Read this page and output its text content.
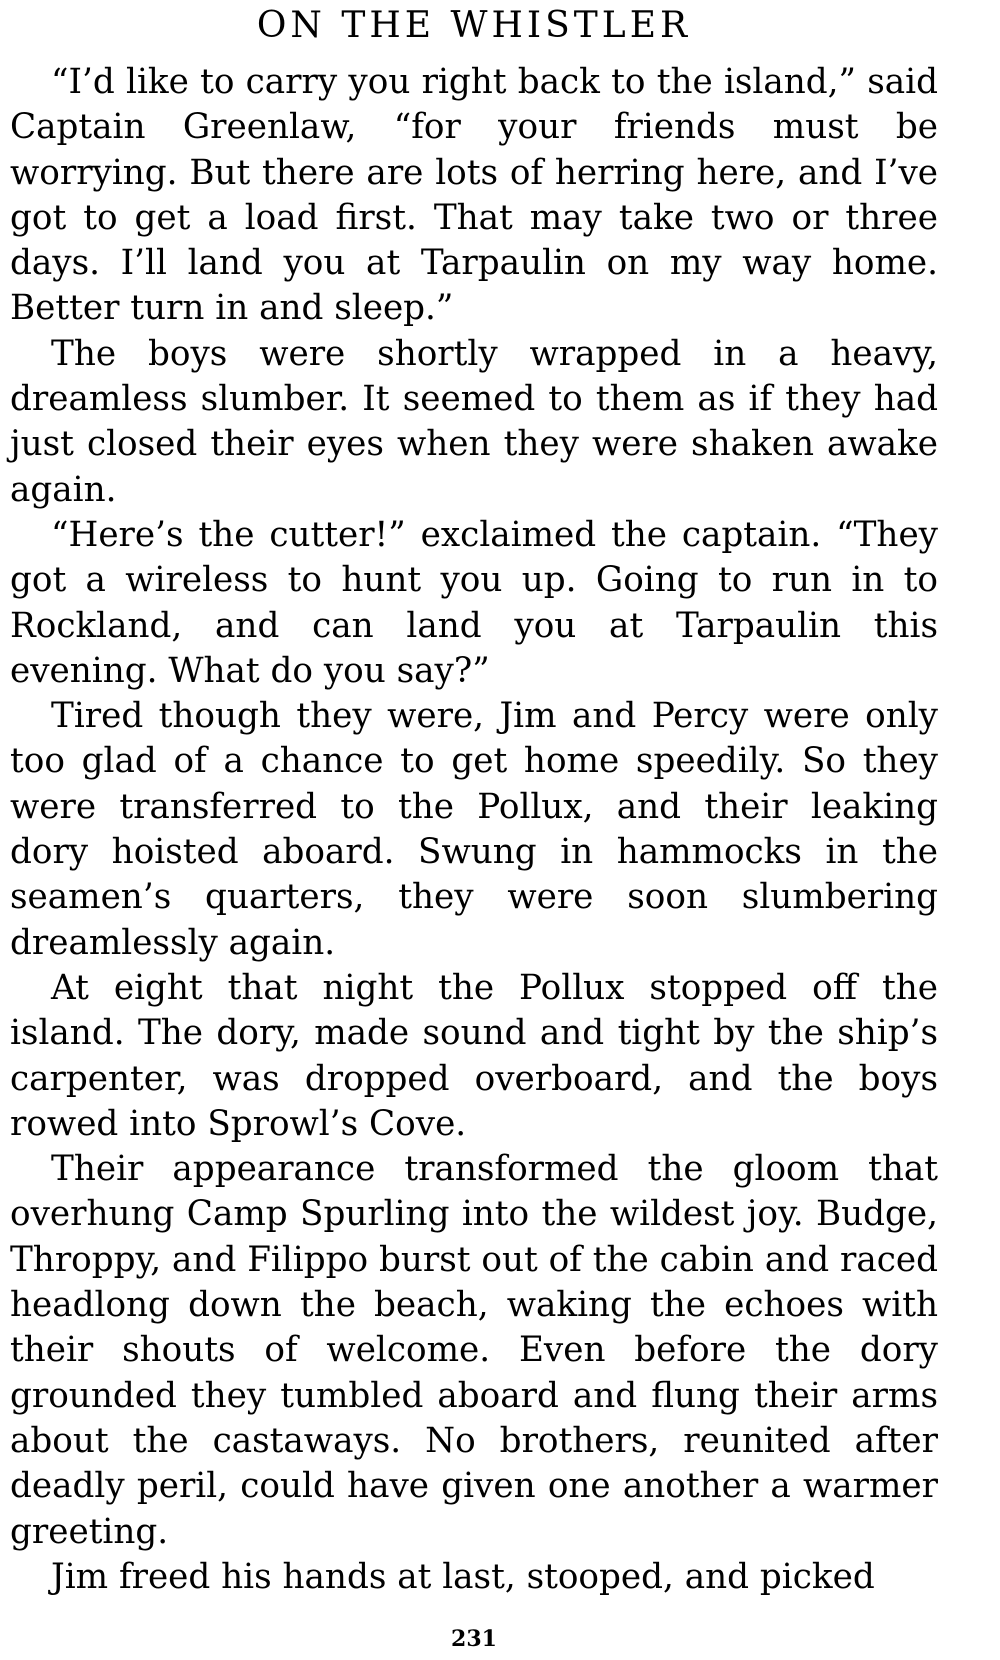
ON THE WHISTLER

“I’d like to carry you right back to the island,” said Captain Greenlaw, “for your friends must be worrying. But there are lots of herring here, and I’ve got to get a load first. That may take two or three days. I’ll land you at Tarpaulin on my way home. Better turn in and sleep.”

The boys were shortly wrapped in a heavy, dreamless slumber. It seemed to them as if they had just closed their eyes when they were shaken awake again.

“Here’s the cutter!” exclaimed the captain. “They got a wireless to hunt you up. Going to run in to Rockland, and can land you at Tarpaulin this evening. What do you say?”

Tired though they were, Jim and Percy were only too glad of a chance to get home speedily. So they were transferred to the Pollux, and their leaking dory hoisted aboard. Swung in hammocks in the seamen’s quarters, they were soon slumbering dreamlessly again.

At eight that night the Pollux stopped off the island. The dory, made sound and tight by the ship’s carpenter, was dropped overboard, and the boys rowed into Sprowl’s Cove.

Their appearance transformed the gloom that overhung Camp Spurling into the wildest joy. Budge, Throppy, and Filippo burst out of the cabin and raced headlong down the beach, waking the echoes with their shouts of welcome. Even before the dory grounded they tumbled aboard and flung their arms about the castaways. No brothers, reunited after deadly peril, could have given one another a warmer greeting.

Jim freed his hands at last, stooped, and picked

231
